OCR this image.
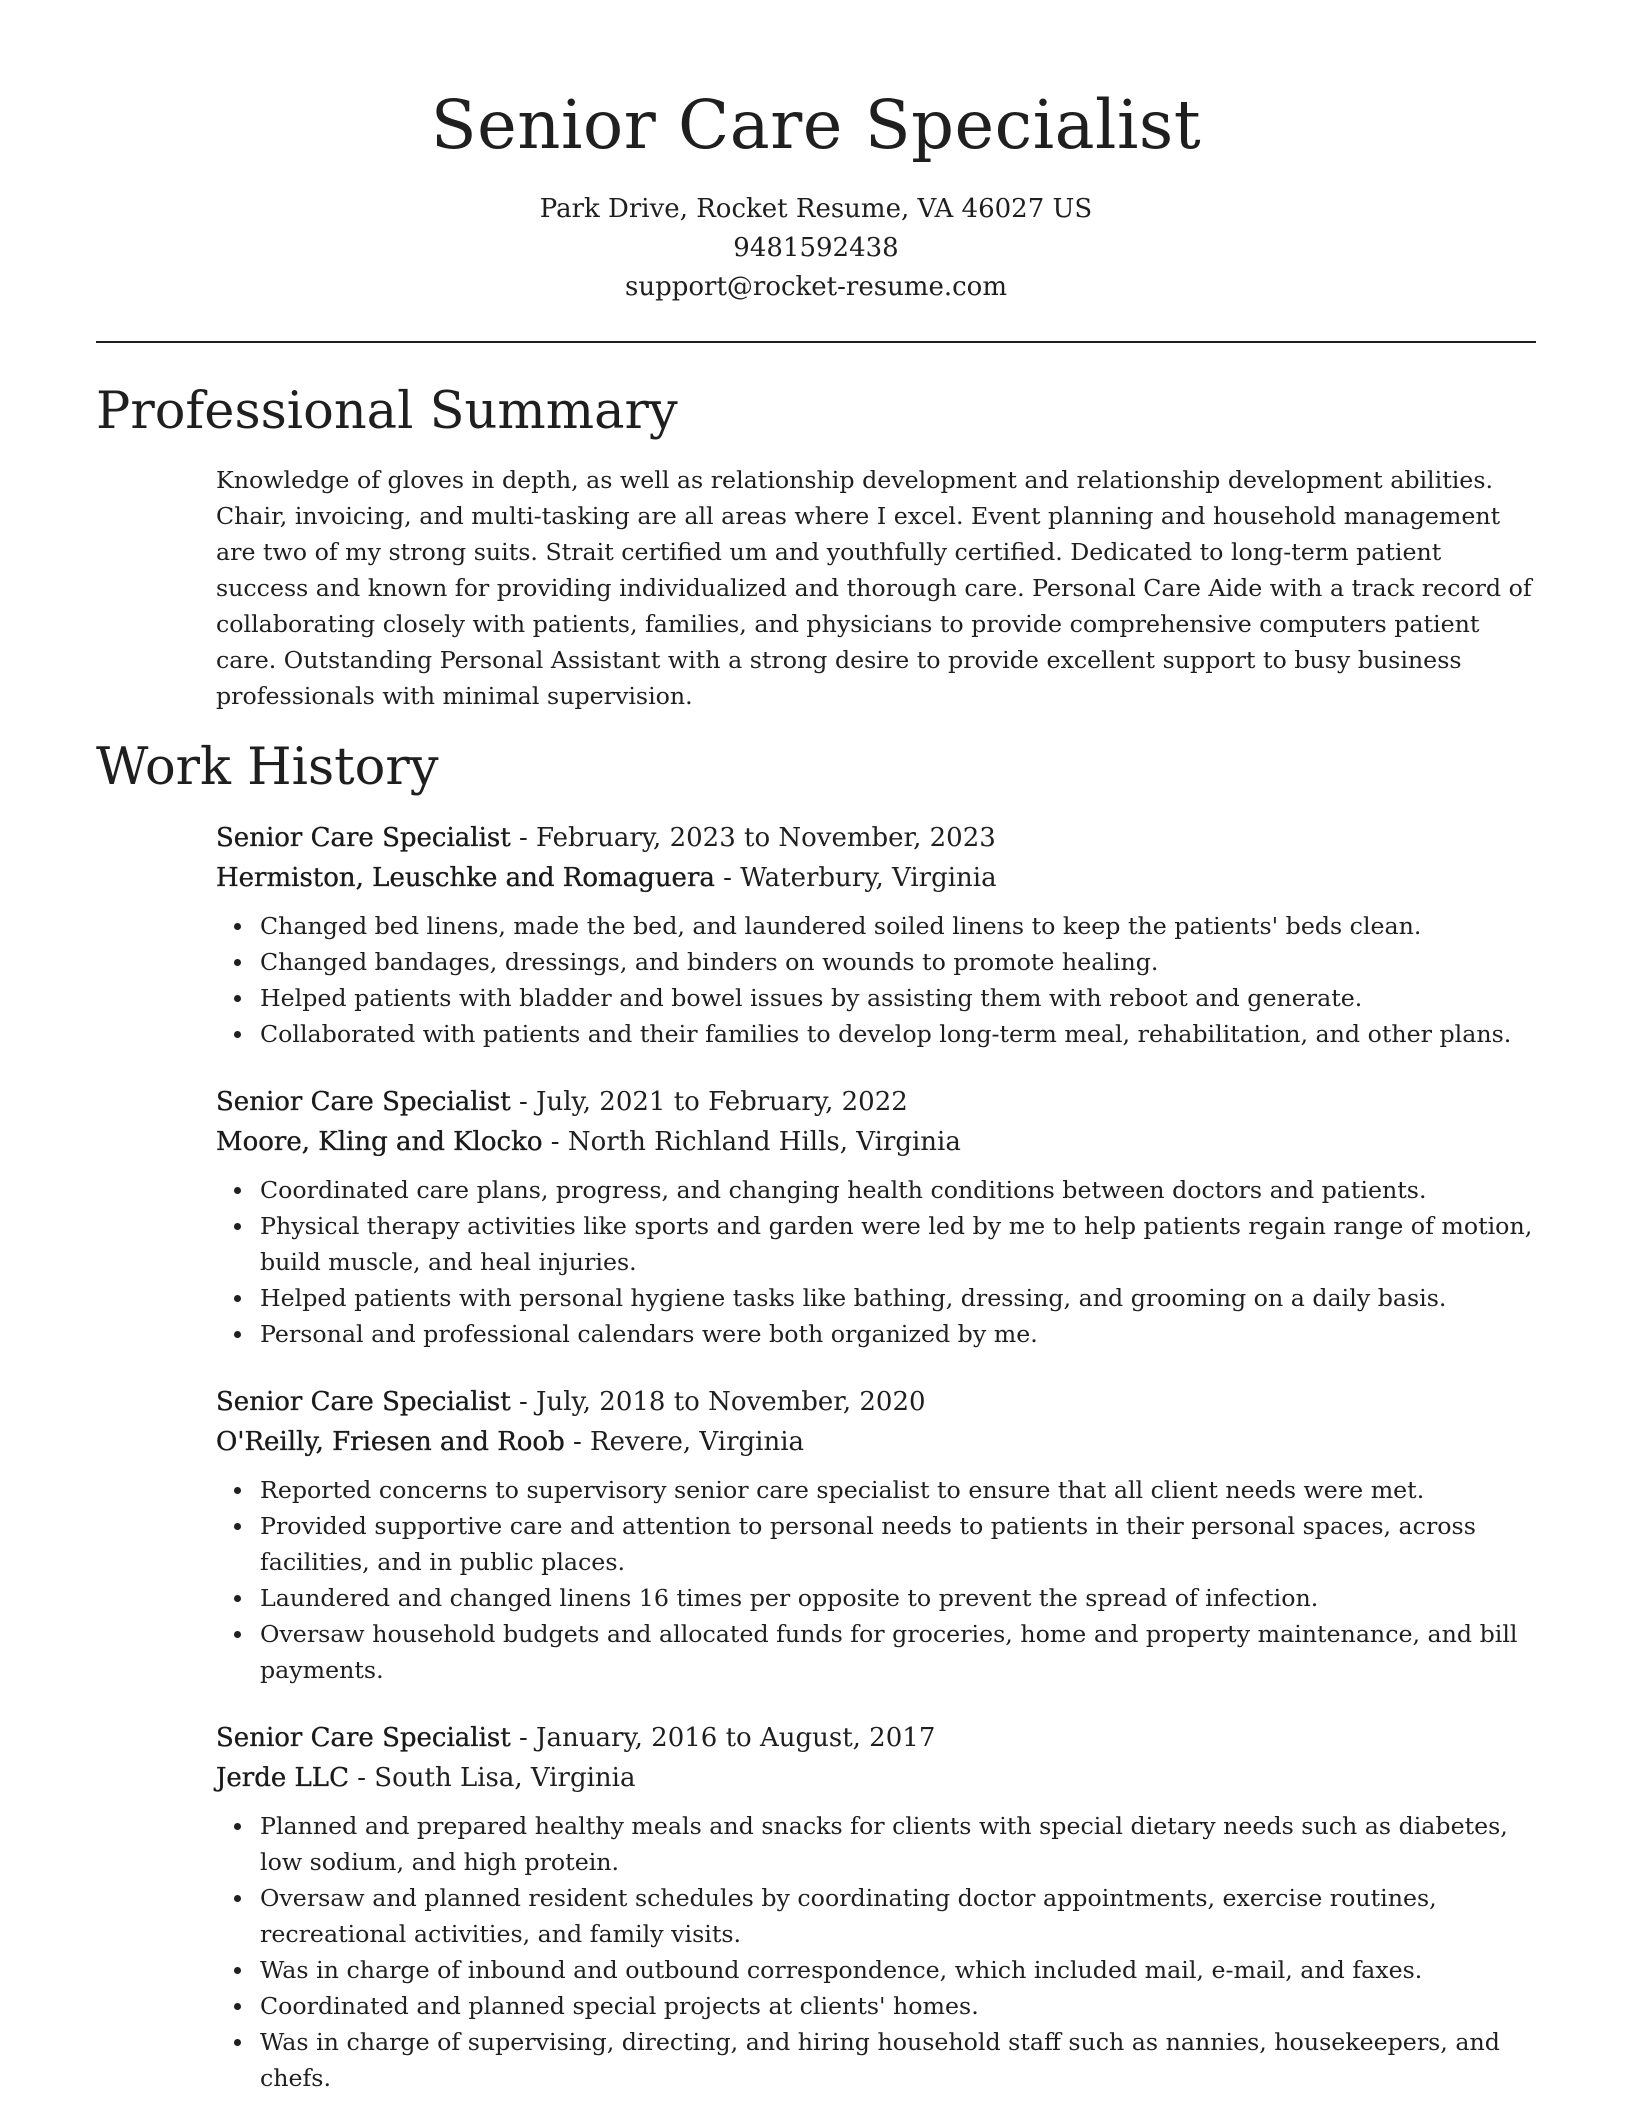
Senior Care Specialist
Park Drive, Rocket Resume, VA 46027 US
9481592438
support@rocket-resume.com
Professional Summary

Knowledge of gloves in depth, as well as relationship development and relationship development abilities. Chair, invoicing, and multi-tasking are all areas where I excel. Event planning and household management are two of my strong suits. Strait certified um and youthfully certified. Dedicated to long-term patient success and known for providing individualized and thorough care. Personal Care Aide with a track record of collaborating closely with patients, families, and physicians to provide comprehensive computers patient care. Outstanding Personal Assistant with a strong desire to provide excellent support to busy business professionals with minimal supervision.

Work History

Senior Care Specialist - February, 2023 to November, 2023

Hermiston, Leuschke and Romaguera - Waterbury, Virginia

Changed bed linens, made the bed, and laundered soiled linens to keep the patients' beds clean.
Changed bandages, dressings, and binders on wounds to promote healing.
Helped patients with bladder and bowel issues by assisting them with reboot and generate.
Collaborated with patients and their families to develop long-term meal, rehabilitation, and other plans.

Senior Care Specialist - July, 2021 to February, 2022

Moore, Kling and Klocko - North Richland Hills, Virginia

Coordinated care plans, progress, and changing health conditions between doctors and patients.
Physical therapy activities like sports and garden were led by me to help patients regain range of motion, build muscle, and heal injuries.
Helped patients with personal hygiene tasks like bathing, dressing, and grooming on a daily basis.
Personal and professional calendars were both organized by me.

Senior Care Specialist - July, 2018 to November, 2020

O'Reilly, Friesen and Roob - Revere, Virginia

Reported concerns to supervisory senior care specialist to ensure that all client needs were met.
Provided supportive care and attention to personal needs to patients in their personal spaces, across facilities, and in public places.
Laundered and changed linens 16 times per opposite to prevent the spread of infection.
Oversaw household budgets and allocated funds for groceries, home and property maintenance, and bill payments.

Senior Care Specialist - January, 2016 to August, 2017

Jerde LLC - South Lisa, Virginia

Planned and prepared healthy meals and snacks for clients with special dietary needs such as diabetes, low sodium, and high protein.
Oversaw and planned resident schedules by coordinating doctor appointments, exercise routines, recreational activities, and family visits.
Was in charge of inbound and outbound correspondence, which included mail, e-mail, and faxes.
Coordinated and planned special projects at clients' homes.
Was in charge of supervising, directing, and hiring household staff such as nannies, housekeepers, and chefs.
